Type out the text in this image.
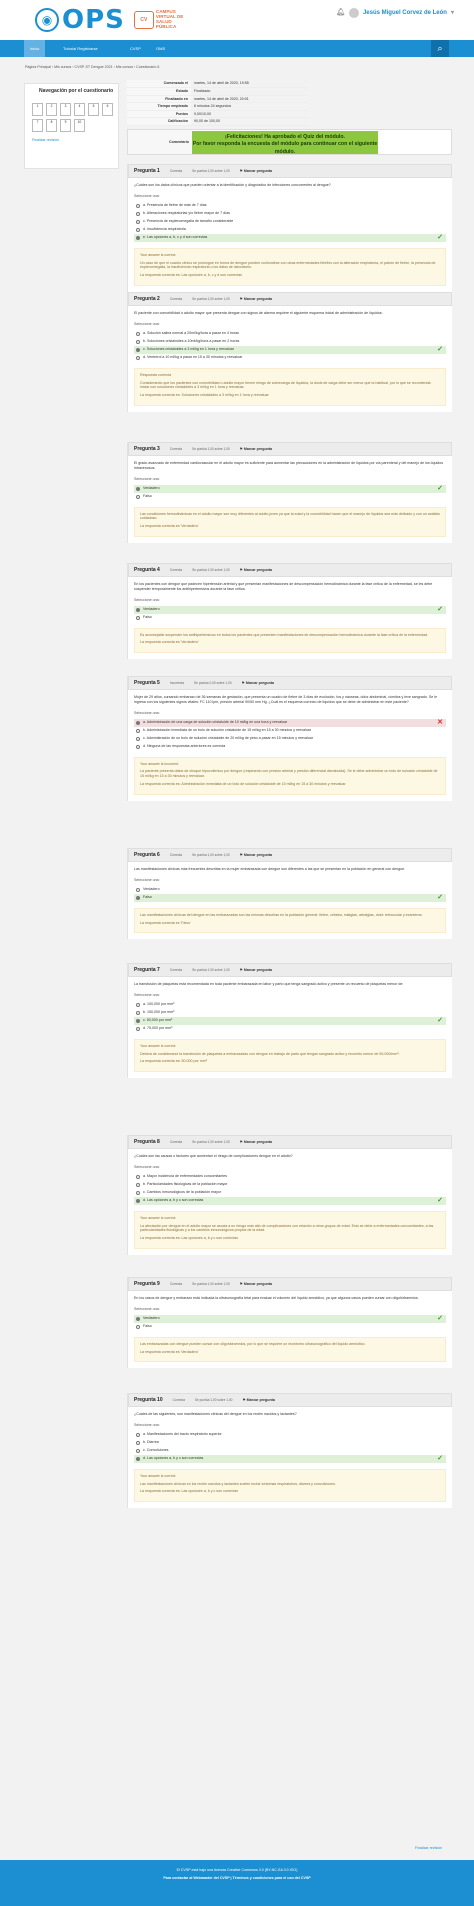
◉ OPS	CV
CAMPUS VIRTUAL DE SALUD PÚBLICA
🔔︎	Jesús Miguel Corvez de León ▾
Inicio	Tutorial Registrarse	CVSP	OMS	⌕
Página Principal › Mis cursos › CVSP-ST Dengue 2021 › Mis cursos › Cuestionario 6
Navegación por el cuestionario
1	2	3	4	5	6
7	8	9	10
Finalizar revisión
Comenzado el	martes, 14 de abril de 2020, 19:55
Estado	Finalizado
Finalizado en	martes, 14 de abril de 2020, 20:01
Tiempo empleado	6 minutos 24 segundos
Puntos	9,00/10,00
Calificación	90,00 de 100,00
Comentario
¡Felicitaciones! Ha aprobado el Quiz del módulo.
Por favor responda la encuesta del módulo para continuar con el siguiente módulo.
Pregunta 1	Correcta	Se puntúa 1,00 sobre 1,00	⚑ Marcar pregunta
¿Cuáles son los datos clínicos que pueden orientar a la identificación y diagnóstico de infecciones concurrentes al dengue?
Seleccione una:
a. Presencia de fiebre de más de 7 días
b. Alteraciones respiratorias y/o fiebre mayor de 7 días
c. Presencia de esplenomegalia de tamaño considerable
d. Insuficiencia respiratoria
e. Las opciones a, b, c y d son correctas	✓

Your answer is correct.

Un caso de que el cuadro clínico se prolongue en forma de dengue pueden confundirse con otras enfermedades febriles con la alteración respiratoria, el patrón de fiebre, la presencia de esplenomegalia, la insuficiencia respiratoria o los datos de laboratorio.

La respuesta correcta es: Las opciones a, b, c y d son correctas

Pregunta 2	Correcta	Se puntúa 1,00 sobre 1,00	⚑ Marcar pregunta
El paciente con comorbilidad o adulto mayor que presenta dengue con signos de alarma requiere el siguiente esquema inicial de administración de líquidos:
Seleccione una:
a. Solución salina normal a 20ml/kg/hora a pasar en 4 horas
b. Soluciones cristaloides a 10ml/kg/hora a pasar en 2 horas
c. Soluciones cristaloides a 3 ml/kg en 1 hora y reevaluar	✓
d. Ventrerol a 10 ml/kg a pasar en 15 a 30 minutos y reevaluar

Respuesta correcta

Considerando que los pacientes con comorbilidad o adulto mayor tienen riesgo de sobrecarga de líquidos, la dosis de carga debe ser menor que la habitual, por lo que se recomienda iniciar con soluciones cristaloides a 3 ml/kg en 1 hora y reevaluar.

La respuesta correcta es: Soluciones cristaloides a 3 ml/kg en 1 hora y reevaluar

Pregunta 3	Correcta	Se puntúa 1,00 sobre 1,00	⚑ Marcar pregunta
El grado avanzado de enfermedad cardiovascular en el adulto mayor es suficiente para aumentar las precauciones en la administración de líquidos por vía parenteral y del manejo de los líquidos intravenosos.
Seleccione una:
Verdadero	✓
Falso

Las condiciones hemodinámicas en el adulto mayor son muy diferentes al adulto joven ya que la edad y la comorbilidad hacen que el manejo de líquidos sea más delicado y con un análisis cuidadoso.

La respuesta correcta es 'Verdadero'

Pregunta 4	Correcta	Se puntúa 1,00 sobre 1,00	⚑ Marcar pregunta
En los pacientes con dengue que padecen hipertensión arterial y que presentan manifestaciones de descompensación hemodinámica durante la fase crítica de la enfermedad, se les debe suspender temporalmente los antihipertensivos durante la fase crítica.
Seleccione una:
Verdadero	✓
Falso

Es aconsejable suspender los antihipertensivos en todos los pacientes que presenten manifestaciones de descompensación hemodinámica durante la fase crítica de la enfermedad.

La respuesta correcta es 'Verdadero'

Pregunta 5	Incorrecta	Se puntúa 0,00 sobre 1,00	⚑ Marcar pregunta
Mujer de 29 años, cursando embarazo de 36 semanas de gestación, que presenta un cuadro de fiebre de 3 días de evolución, tos y náuseas, dolor abdominal, vómitos y leve sangrado. Se le ingresa con los siguientes signos vitales: FC 110 lpm, presión arterial 90/50 mm Hg. ¿Cuál es el esquema correcto de líquidos que se debe de administrar en este paciente?
Seleccione una:
a. Administración de una carga de solución cristaloide de 10 ml/kg en una hora y reevaluar	✕
b. Administración inmediata de un bolo de solución cristaloide de 15 ml/kg en 15 a 30 minutos y reevaluar
c. Administración de un bolo de solución cristaloide de 20 ml/kg de peso a pasar en 15 minutos y reevaluar
d. Ninguna de las respuestas anteriores es correcta

Your answer is incorrect.

La paciente presenta datos de choque hipovolémico por dengue (respirando con presión arterial y presión diferencial disminuida). Se le debe administrar un bolo de solución cristaloide de 15 ml/kg en 15 a 30 minutos y reevaluar.

La respuesta correcta es: Administración inmediata de un bolo de solución cristaloide de 15 ml/kg en 15 a 30 minutos y reevaluar

Pregunta 6	Correcta	Se puntúa 1,00 sobre 1,00	⚑ Marcar pregunta
Las manifestaciones clínicas más frecuentes descritas en la mujer embarazada con dengue son diferentes a las que se presentan en la población en general con dengue.
Seleccione una:
Verdadero
Falso	✓

Las manifestaciones clínicas del dengue en las embarazadas son las mismas descritas en la población general: fiebre, cefalea, mialgias, artralgias, dolor retroocular y exantema.

La respuesta correcta es 'Falso'

Pregunta 7	Correcta	Se puntúa 1,00 sobre 1,00	⚑ Marcar pregunta
La transfusión de plaquetas está recomendada en toda paciente embarazada en labor y parto que tenga sangrado activo y presente un recuento de plaquetas menor de:
Seleccione una:
a. 100,000 por mm³
b. 150,000 por mm³
c. 50,000 por mm³	✓
d. 75,000 por mm³

Your answer is correct.

Deberá de considerarse la transfusión de plaquetas a embarazadas con dengue en trabajo de parto que tengan sangrado activo y recuento menor de 50,000/mm³.

La respuesta correcta es: 50,000 por mm³

Pregunta 8	Correcta	Se puntúa 1,00 sobre 1,00	⚑ Marcar pregunta
¿Cuáles son las causas o factores que aumentan el riesgo de complicaciones dengue en el adulto?
Seleccione una:
a. Mayor incidencia de enfermedades concomitantes
b. Particularidades fisiológicas de la población mayor
c. Cambios inmunológicos de la población mayor
d. Las opciones a, b y c son correctas	✓

Your answer is correct.

La afectación por dengue en el adulto mayor se asocia a un riesgo más alto de complicaciones con relación a otros grupos de edad. Esto se debe a enfermedades concomitantes, a las particularidades fisiológicas y a los cambios inmunológicos propios de la edad.

La respuesta correcta es: Las opciones a, b y c son correctas

Pregunta 9	Correcta	Se puntúa 1,00 sobre 1,00	⚑ Marcar pregunta
En los casos de dengue y embarazo está indicada la ultrasonografía fetal para evaluar el volumen del líquido amniótico, ya que algunos casos pueden cursar con oligohidramnios.
Seleccione una:
Verdadero	✓
Falso

Las embarazadas con dengue pueden cursar con oligohidramnios, por lo que se requiere un monitoreo ultrasonográfico del líquido amniótico.

La respuesta correcta es 'Verdadero'

Pregunta 10	Correcta	Se puntúa 1,00 sobre 1,00	⚑ Marcar pregunta
¿Cuáles de las siguientes, son manifestaciones clínicas del dengue en los recién nacidos y lactantes?
Seleccione una:
a. Manifestaciones del tracto respiratorio superior
b. Diarrea
c. Convulsiones
d. Las opciones a, b y c son correctas	✓

Your answer is correct.

Las manifestaciones clínicas en los recién nacidos y lactantes suelen incluir síntomas respiratorios, diarrea y convulsiones.

La respuesta correcta es: Las opciones a, b y c son correctas

Finalizar revisión

El CVSP está bajo una licencia Creative Commons 3.0 (BY-NC-SA 3.0 IGO)

Para contactar al Webmaster del CVSP | Términos y condiciones para el uso del CVSP
